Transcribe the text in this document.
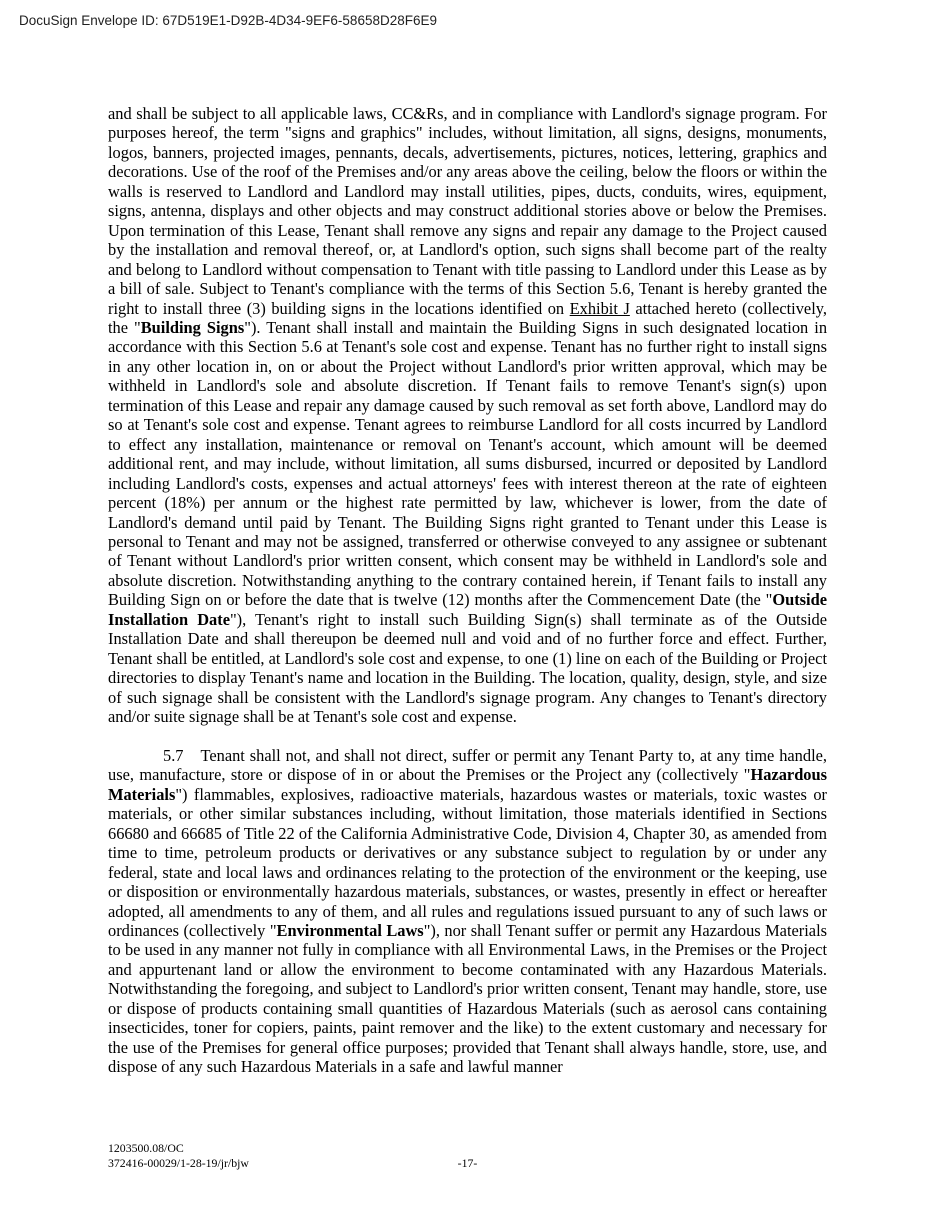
DocuSign Envelope ID: 67D519E1-D92B-4D34-9EF6-58658D28F6E9

and shall be subject to all applicable laws, CC&Rs, and in compliance with Landlord's signage program. For purposes hereof, the term "signs and graphics" includes, without limitation, all signs, designs, monuments, logos, banners, projected images, pennants, decals, advertisements, pictures, notices, lettering, graphics and decorations. Use of the roof of the Premises and/or any areas above the ceiling, below the floors or within the walls is reserved to Landlord and Landlord may install utilities, pipes, ducts, conduits, wires, equipment, signs, antenna, displays and other objects and may construct additional stories above or below the Premises. Upon termination of this Lease, Tenant shall remove any signs and repair any damage to the Project caused by the installation and removal thereof, or, at Landlord's option, such signs shall become part of the realty and belong to Landlord without compensation to Tenant with title passing to Landlord under this Lease as by a bill of sale. Subject to Tenant's compliance with the terms of this Section 5.6, Tenant is hereby granted the right to install three (3) building signs in the locations identified on Exhibit J attached hereto (collectively, the "Building Signs"). Tenant shall install and maintain the Building Signs in such designated location in accordance with this Section 5.6 at Tenant's sole cost and expense. Tenant has no further right to install signs in any other location in, on or about the Project without Landlord's prior written approval, which may be withheld in Landlord's sole and absolute discretion. If Tenant fails to remove Tenant's sign(s) upon termination of this Lease and repair any damage caused by such removal as set forth above, Landlord may do so at Tenant's sole cost and expense. Tenant agrees to reimburse Landlord for all costs incurred by Landlord to effect any installation, maintenance or removal on Tenant's account, which amount will be deemed additional rent, and may include, without limitation, all sums disbursed, incurred or deposited by Landlord including Landlord's costs, expenses and actual attorneys' fees with interest thereon at the rate of eighteen percent (18%) per annum or the highest rate permitted by law, whichever is lower, from the date of Landlord's demand until paid by Tenant. The Building Signs right granted to Tenant under this Lease is personal to Tenant and may not be assigned, transferred or otherwise conveyed to any assignee or subtenant of Tenant without Landlord's prior written consent, which consent may be withheld in Landlord's sole and absolute discretion. Notwithstanding anything to the contrary contained herein, if Tenant fails to install any Building Sign on or before the date that is twelve (12) months after the Commencement Date (the "Outside Installation Date"), Tenant's right to install such Building Sign(s) shall terminate as of the Outside Installation Date and shall thereupon be deemed null and void and of no further force and effect. Further, Tenant shall be entitled, at Landlord's sole cost and expense, to one (1) line on each of the Building or Project directories to display Tenant's name and location in the Building. The location, quality, design, style, and size of such signage shall be consistent with the Landlord's signage program. Any changes to Tenant's directory and/or suite signage shall be at Tenant's sole cost and expense.

5.7 Tenant shall not, and shall not direct, suffer or permit any Tenant Party to, at any time handle, use, manufacture, store or dispose of in or about the Premises or the Project any (collectively "Hazardous Materials") flammables, explosives, radioactive materials, hazardous wastes or materials, toxic wastes or materials, or other similar substances including, without limitation, those materials identified in Sections 66680 and 66685 of Title 22 of the California Administrative Code, Division 4, Chapter 30, as amended from time to time, petroleum products or derivatives or any substance subject to regulation by or under any federal, state and local laws and ordinances relating to the protection of the environment or the keeping, use or disposition or environmentally hazardous materials, substances, or wastes, presently in effect or hereafter adopted, all amendments to any of them, and all rules and regulations issued pursuant to any of such laws or ordinances (collectively "Environmental Laws"), nor shall Tenant suffer or permit any Hazardous Materials to be used in any manner not fully in compliance with all Environmental Laws, in the Premises or the Project and appurtenant land or allow the environment to become contaminated with any Hazardous Materials. Notwithstanding the foregoing, and subject to Landlord's prior written consent, Tenant may handle, store, use or dispose of products containing small quantities of Hazardous Materials (such as aerosol cans containing insecticides, toner for copiers, paints, paint remover and the like) to the extent customary and necessary for the use of the Premises for general office purposes; provided that Tenant shall always handle, store, use, and dispose of any such Hazardous Materials in a safe and lawful manner

1203500.08/OC
372416-00029/1-28-19/jr/bjw	-17-
